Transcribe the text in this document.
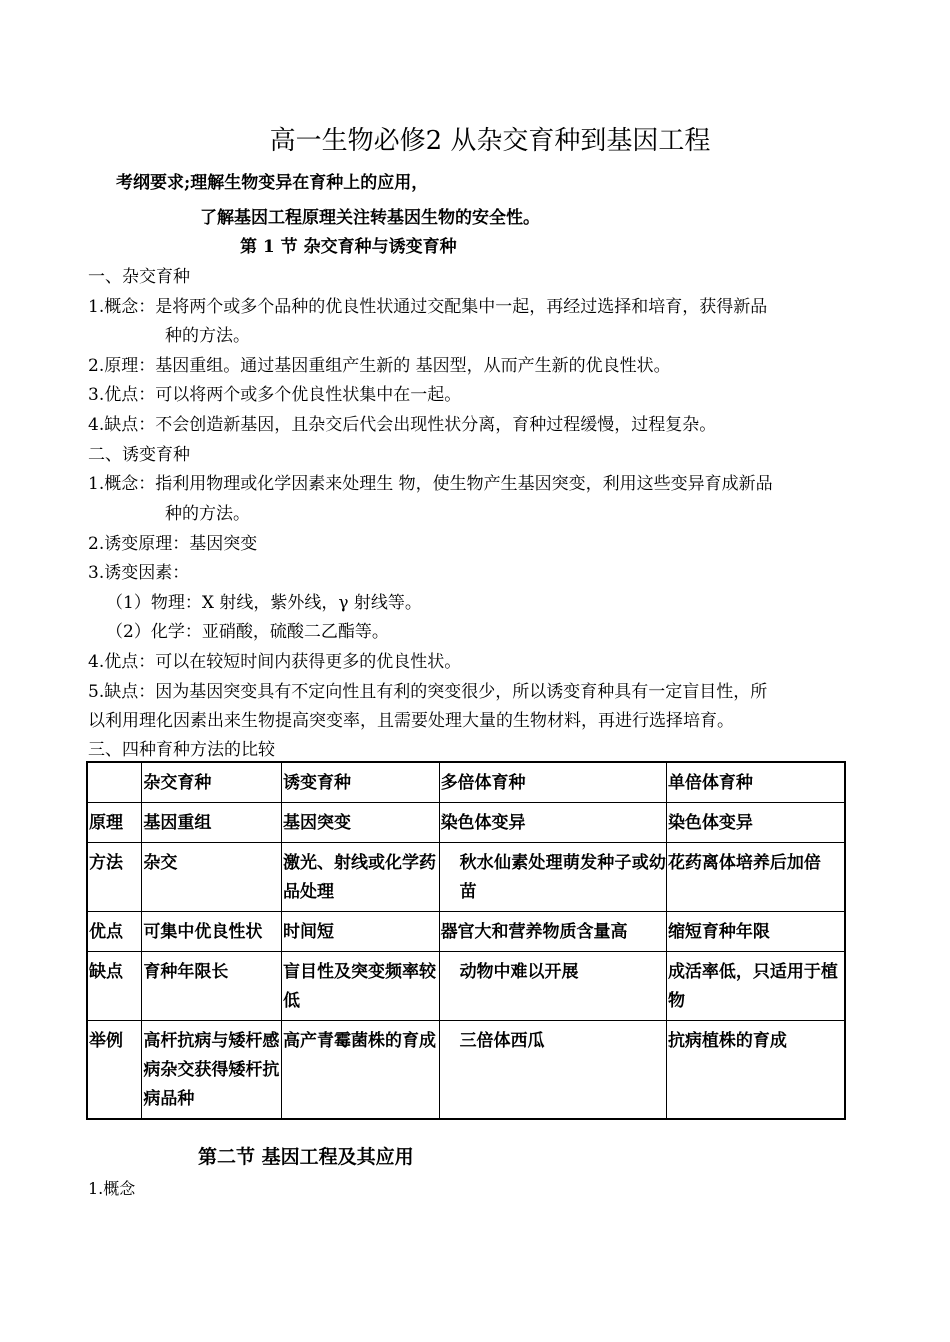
高一生物必修2 从杂交育种到基因工程
考纲要求;理解生物变异在育种上的应用，
了解基因工程原理关注转基因生物的安全性。
第 1 节 杂交育种与诱变育种
一、杂交育种
1.概念：是将两个或多个品种的优良性状通过交配集中一起，再经过选择和培育，获得新品
种的方法。
2.原理：基因重组。通过基因重组产生新的 基因型，从而产生新的优良性状。
3.优点：可以将两个或多个优良性状集中在一起。
4.缺点：不会创造新基因，且杂交后代会出现性状分离，育种过程缓慢，过程复杂。
二、诱变育种
1.概念：指利用物理或化学因素来处理生 物，使生物产生基因突变，利用这些变异育成新品
种的方法。
2.诱变原理：基因突变
3.诱变因素：
（1）物理：X 射线，紫外线，γ 射线等。
（2）化学：亚硝酸，硫酸二乙酯等。
4.优点：可以在较短时间内获得更多的优良性状。
5.缺点：因为基因突变具有不定向性且有利的突变很少，所以诱变育种具有一定盲目性，所
以利用理化因素出来生物提高突变率，且需要处理大量的生物材料，再进行选择培育。
三、四种育种方法的比较
	杂交育种	诱变育种	多倍体育种	单倍体育种
原理	基因重组	基因突变	染色体变异	染色体变异
方法	杂交	激光、射线或化学药品处理	秋水仙素处理萌发种子或幼苗	花药离体培养后加倍
优点	可集中优良性状	时间短	器官大和营养物质含量高	缩短育种年限
缺点	育种年限长	盲目性及突变频率较低	动物中难以开展	成活率低，只适用于植物
举例	高杆抗病与矮杆感病杂交获得矮杆抗病品种	高产青霉菌株的育成	三倍体西瓜	抗病植株的育成
第二节 基因工程及其应用
1.概念
